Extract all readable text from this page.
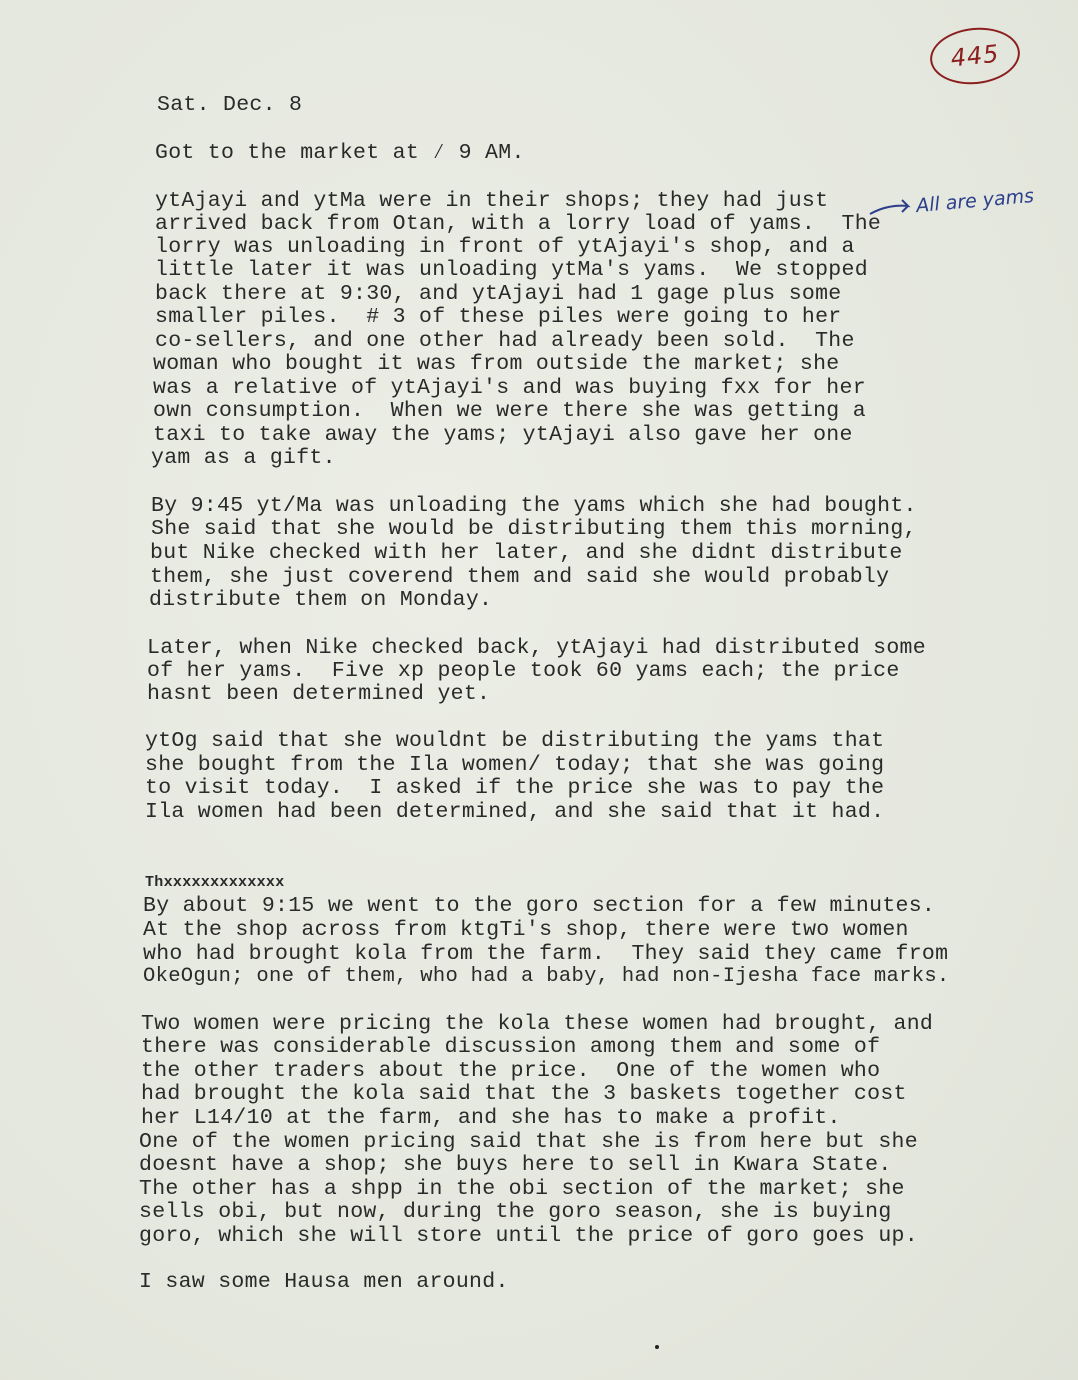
445
All are yams
Sat. Dec. 8
Got to the market at ⁄ 9 AM.
ytAjayi and ytMa were in their shops; they had just
arrived back from Otan, with a lorry load of yams.  The
lorry was unloading in front of ytAjayi's shop, and a
little later it was unloading ytMa's yams.  We stopped
back there at 9:30, and ytAjayi had 1 gage plus some
smaller piles.  # 3 of these piles were going to her
co-sellers, and one other had already been sold.  The
woman who bought it was from outside the market; she
was a relative of ytAjayi's and was buying fxx for her
own consumption.  When we were there she was getting a
taxi to take away the yams; ytAjayi also gave her one
yam as a gift.
By 9:45 yt/Ma was unloading the yams which she had bought.
She said that she would be distributing them this morning,
but Nike checked with her later, and she didnt distribute
them, she just coverend them and said she would probably
distribute them on Monday.
Later, when Nike checked back, ytAjayi had distributed some
of her yams.  Five xp people took 60 yams each; the price
hasnt been determined yet.
ytOg said that she wouldnt be distributing the yams that
she bought from the Ila women/ today; that she was going
to visit today.  I asked if the price she was to pay the
Ila women had been determined, and she said that it had.
Thxxxxxxxxxxxxx
By about 9:15 we went to the goro section for a few minutes.
At the shop across from ktgTi's shop, there were two women
who had brought kola from the farm.  They said they came from
OkeOgun; one of them, who had a baby, had non-Ijesha face marks.
Two women were pricing the kola these women had brought, and
there was considerable discussion among them and some of
the other traders about the price.  One of the women who
had brought the kola said that the 3 baskets together cost
her L14/10 at the farm, and she has to make a profit.
One of the women pricing said that she is from here but she
doesnt have a shop; she buys here to sell in Kwara State.
The other has a shpp in the obi section of the market; she
sells obi, but now, during the goro season, she is buying
goro, which she will store until the price of goro goes up.
I saw some Hausa men around.
